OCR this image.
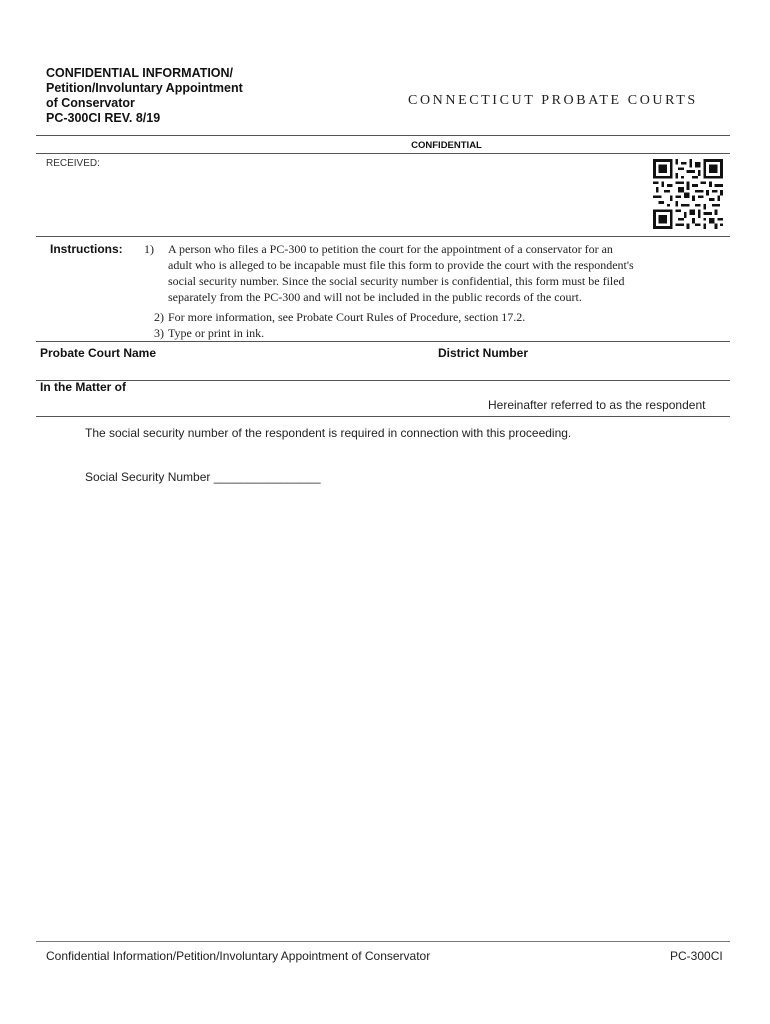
CONFIDENTIAL INFORMATION/
Petition/Involuntary Appointment
of Conservator
PC-300CI REV. 8/19
CONNECTICUT PROBATE COURTS
CONFIDENTIAL
RECEIVED:
Instructions:	1) A person who files a PC-300 to petition the court for the appointment of a conservator for an
adult who is alleged to be incapable must file this form to provide the court with the respondent's
social security number. Since the social security number is confidential, this form must be filed
separately from the PC-300 and will not be included in the public records of the court.
2) For more information, see Probate Court Rules of Procedure, section 17.2.
3) Type or print in ink.
Probate Court Name	District Number
In the Matter of
Hereinafter referred to as the respondent
The social security number of the respondent is required in connection with this proceeding.
Social Security Number ________________
Confidential Information/Petition/Involuntary Appointment of Conservator	PC-300CI
